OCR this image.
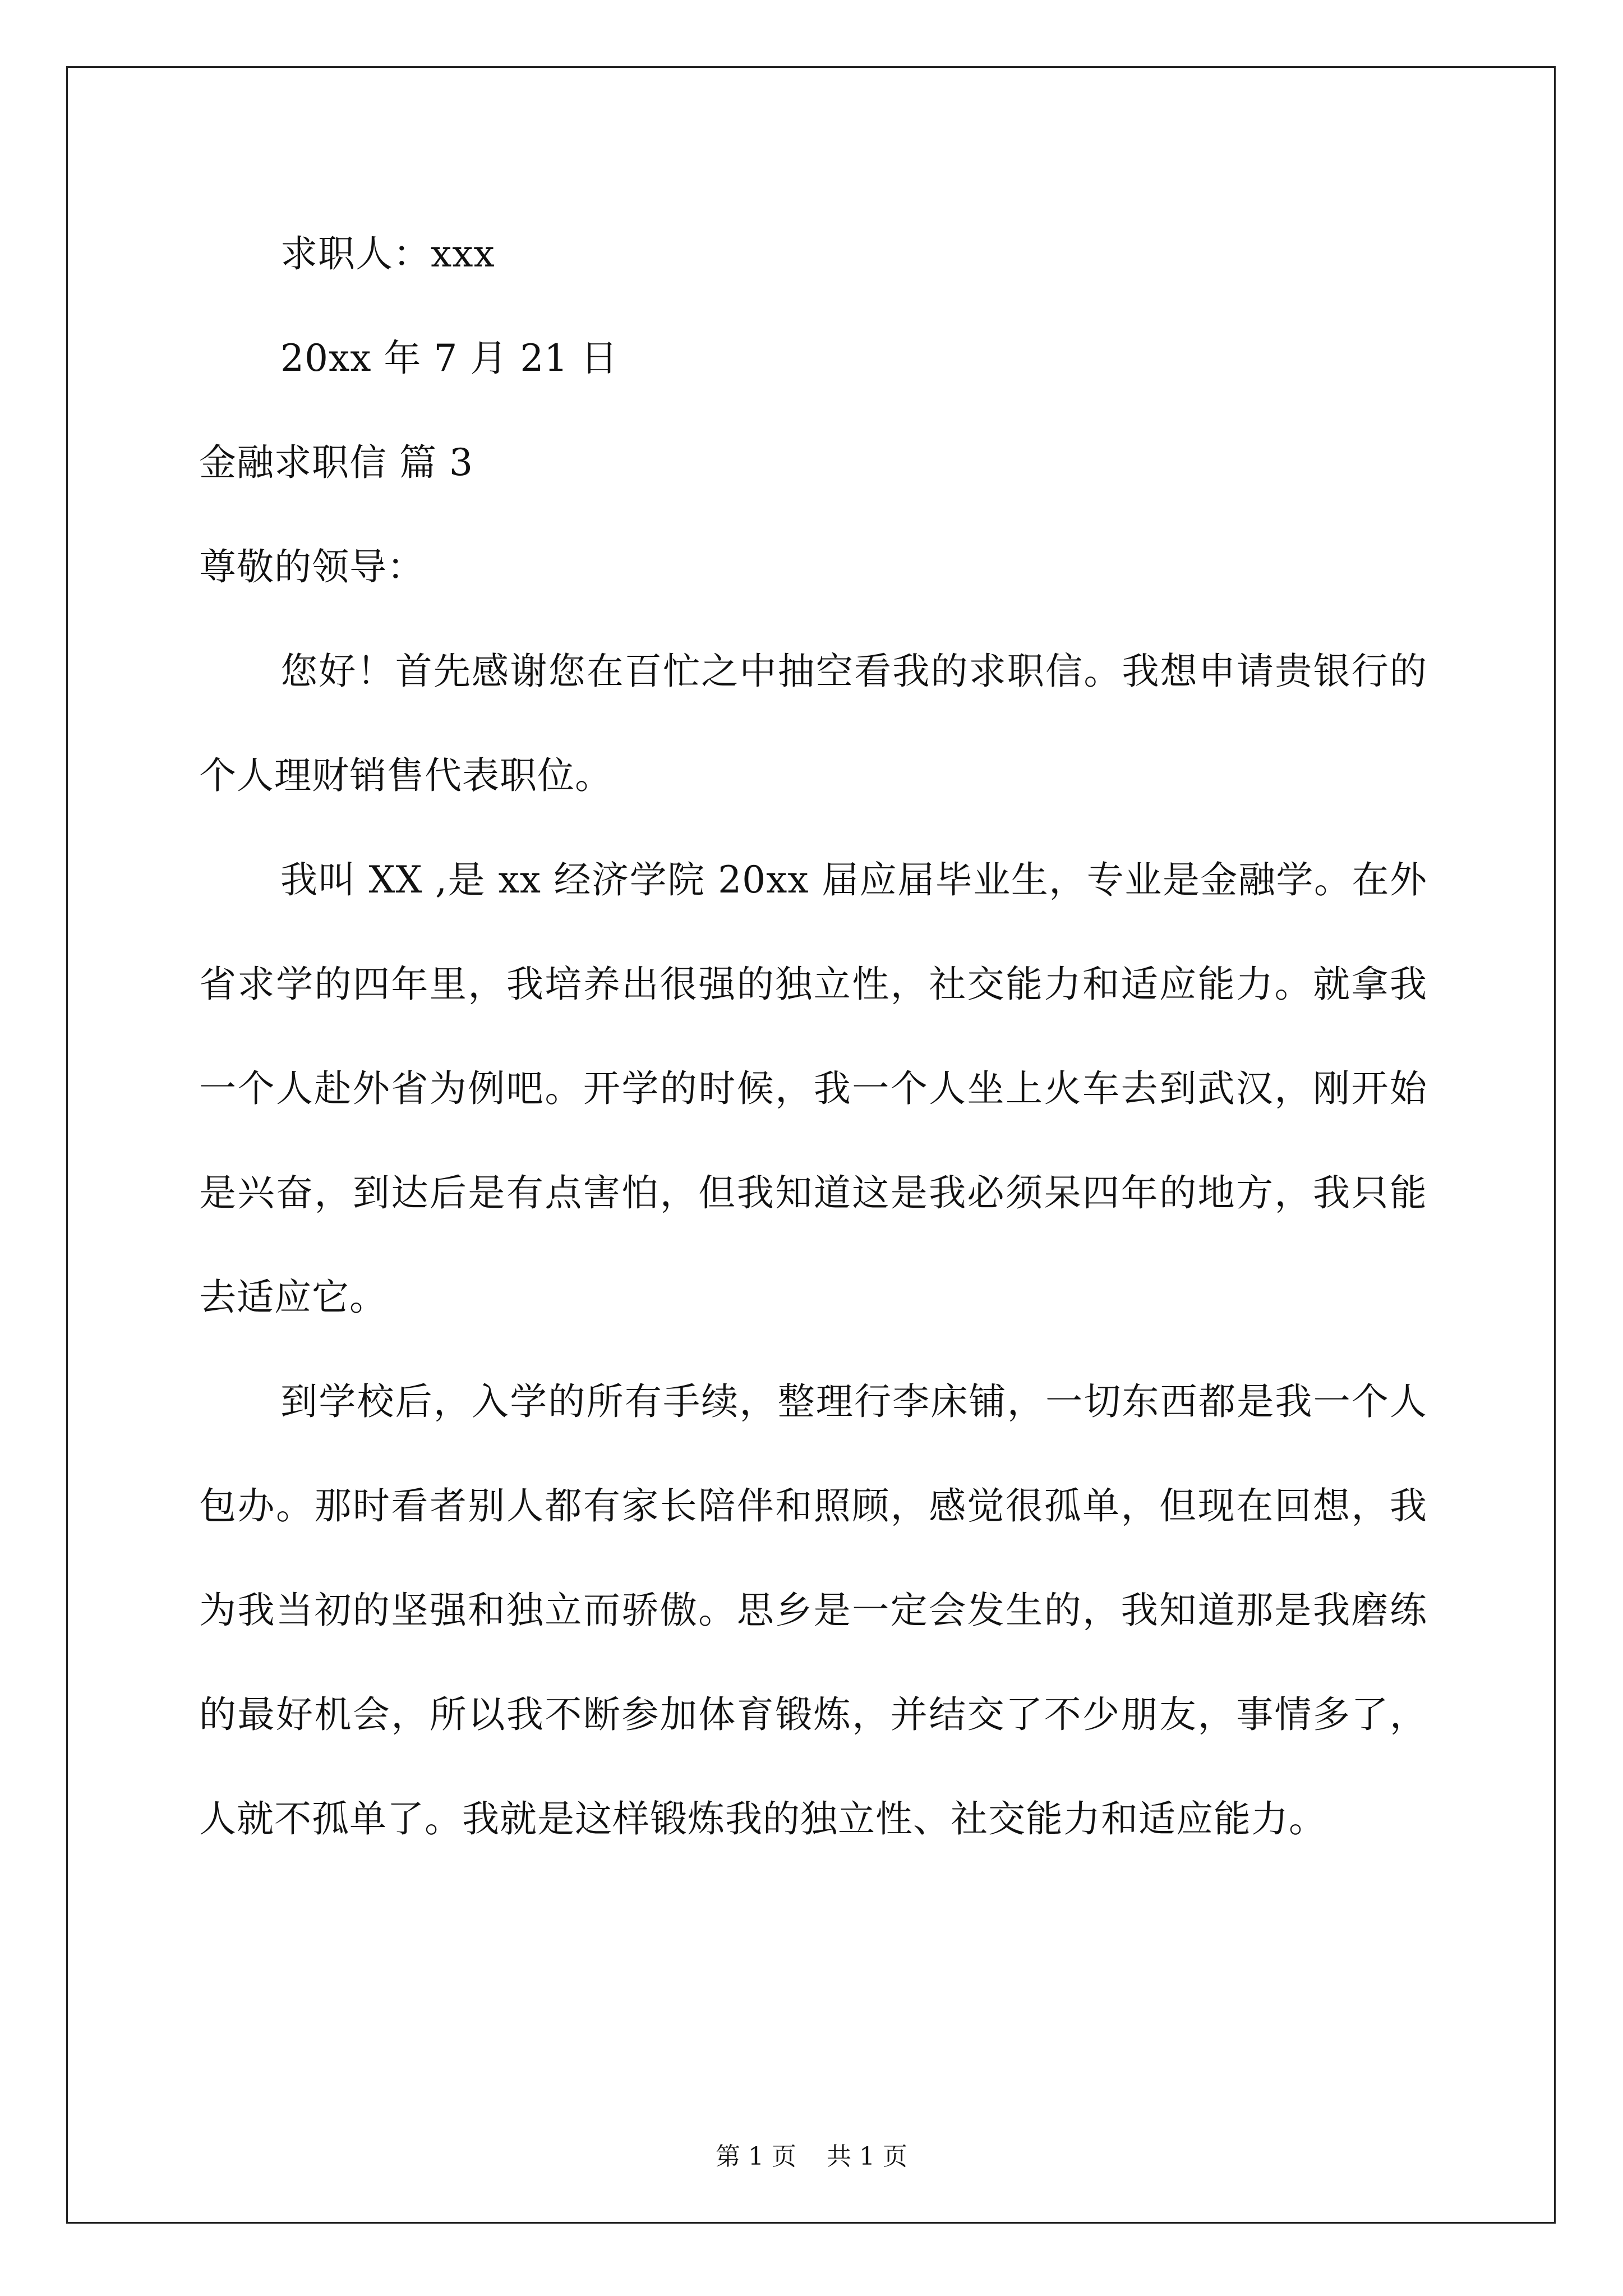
求职人：xxx

20xx 年 7 月 21 日

金融求职信 篇 3

尊敬的领导：

您好！首先感谢您在百忙之中抽空看我的求职信。我想申请贵银行的个人理财销售代表职位。

我叫 XX ,是 xx 经济学院 20xx 届应届毕业生，专业是金融学。在外省求学的四年里，我培养出很强的独立性，社交能力和适应能力。就拿我一个人赴外省为例吧。开学的时候，我一个人坐上火车去到武汉，刚开始是兴奋，到达后是有点害怕，但我知道这是我必须呆四年的地方，我只能去适应它。

到学校后，入学的所有手续，整理行李床铺，一切东西都是我一个人包办。那时看者别人都有家长陪伴和照顾，感觉很孤单，但现在回想，我为我当初的坚强和独立而骄傲。思乡是一定会发生的，我知道那是我磨练的最好机会，所以我不断参加体育锻炼，并结交了不少朋友，事情多了，人就不孤单了。我就是这样锻炼我的独立性、社交能力和适应能力。

第 1 页 共 1 页
